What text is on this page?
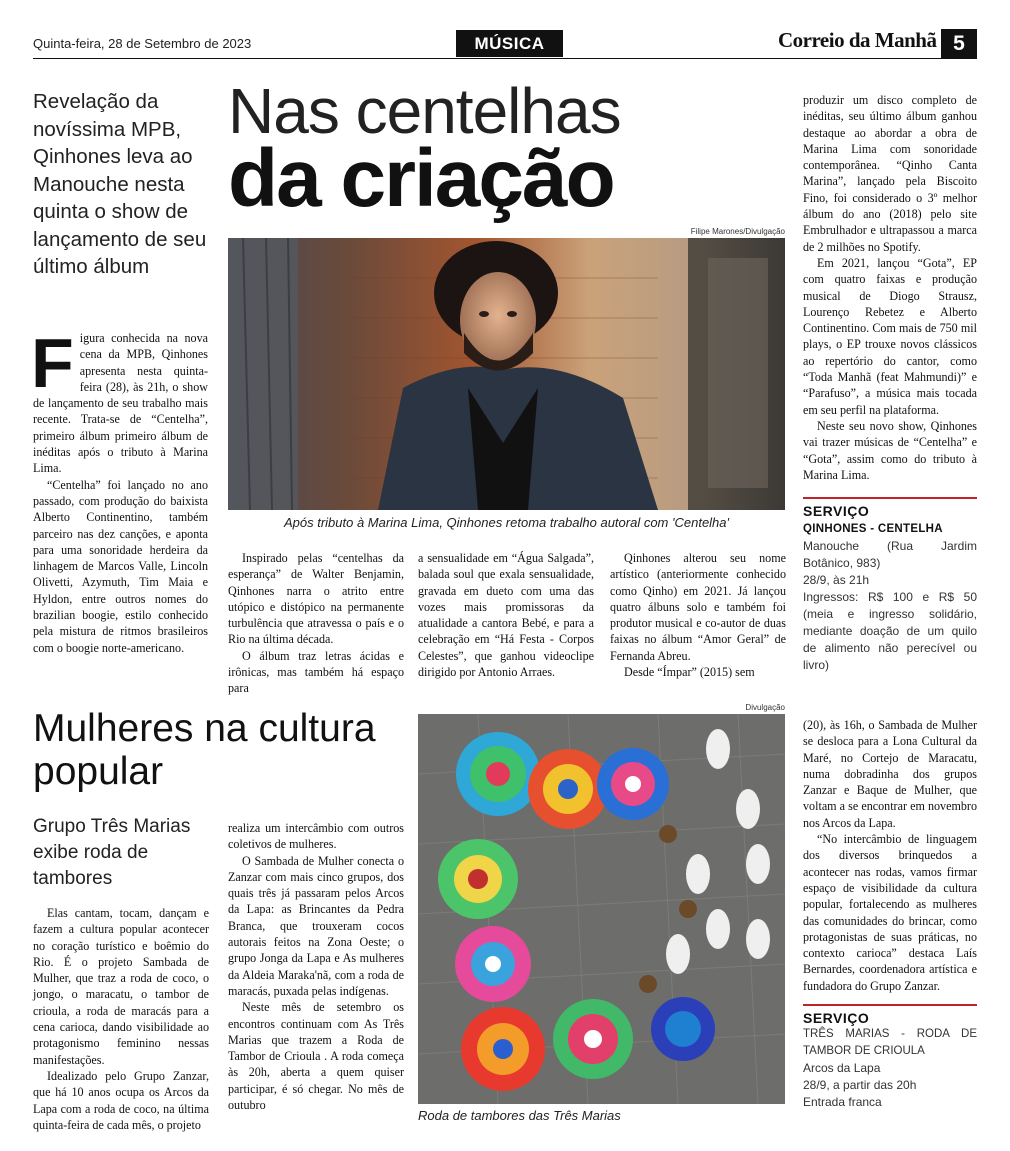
Quinta-feira, 28 de Setembro de 2023	MÚSICA	Correio da Manhã 5
Revelação da novíssima MPB, Qinhones leva ao Manouche nesta quinta o show de lançamento de seu último álbum
Nas centelhas
da criação
Filipe Marones/Divulgação
Após tributo à Marina Lima, Qinhones retoma trabalho autoral com 'Centelha'
F igura conhecida na nova cena da MPB, Qinhones apresenta nesta quinta-feira (28), às 21h, o show de lançamento de seu trabalho mais recente. Trata-se de “Centelha”, primeiro álbum primeiro álbum de inéditas após o tributo à Marina Lima.

“Centelha” foi lançado no ano passado, com produção do baixista Alberto Continentino, também parceiro nas dez canções, e aponta para uma sonoridade herdeira da linhagem de Marcos Valle, Lincoln Olivetti, Azymuth, Tim Maia e Hyldon, entre outros nomes do brazilian boogie, estilo conhecido pela mistura de ritmos brasileiros com o boogie norte-americano.

Inspirado pelas “centelhas da esperança” de Walter Benjamin, Qinhones narra o atrito entre utópico e distópico na permanente turbulência que atravessa o país e o Rio na última década.

O álbum traz letras ácidas e irônicas, mas também há espaço para

a sensualidade em “Água Salgada”, balada soul que exala sensualidade, gravada em dueto com uma das vozes mais promissoras da atualidade a cantora Bebé, e para a celebração em “Há Festa - Corpos Celestes”, que ganhou videoclipe dirigido por Antonio Arraes.

Qinhones alterou seu nome artístico (anteriormente conhecido como Qinho) em 2021. Já lançou quatro álbuns solo e também foi produtor musical e co-autor de duas faixas no álbum “Amor Geral” de Fernanda Abreu.

Desde “Ímpar” (2015) sem

produzir um disco completo de inéditas, seu último álbum ganhou destaque ao abordar a obra de Marina Lima com sonoridade contemporânea. “Qinho Canta Marina”, lançado pela Biscoito Fino, foi considerado o 3º melhor álbum do ano (2018) pelo site Embrulhador e ultrapassou a marca de 2 milhões no Spotify.

Em 2021, lançou “Gota”, EP com quatro faixas e produção musical de Diogo Strausz, Lourenço Rebetez e Alberto Continentino. Com mais de 750 mil plays, o EP trouxe novos clássicos ao repertório do cantor, como “Toda Manhã (feat Mahmundi)” e “Parafuso”, a música mais tocada em seu perfil na plataforma.

Neste seu novo show, Qinhones vai trazer músicas de “Centelha” e “Gota”, assim como do tributo à Marina Lima.

SERVIÇO
QINHONES - CENTELHA
Manouche (Rua Jardim Botânico, 983)
28/9, às 21h
Ingressos: R$ 100 e R$ 50 (meia e ingresso solidário, mediante doação de um quilo de alimento não perecível ou livro)
Mulheres na cultura popular
Grupo Três Marias exibe roda de tambores

Elas cantam, tocam, dançam e fazem a cultura popular acontecer no coração turístico e boêmio do Rio. É o projeto Sambada de Mulher, que traz a roda de coco, o jongo, o maracatu, o tambor de crioula, a roda de maracás para a cena carioca, dando visibilidade ao protagonismo feminino nessas manifestações.

Idealizado pelo Grupo Zanzar, que há 10 anos ocupa os Arcos da Lapa com a roda de coco, na última quinta-feira de cada mês, o projeto

realiza um intercâmbio com outros coletivos de mulheres.

O Sambada de Mulher conecta o Zanzar com mais cinco grupos, dos quais três já passaram pelos Arcos da Lapa: as Brincantes da Pedra Branca, que trouxeram cocos autorais feitos na Zona Oeste; o grupo Jonga da Lapa e As mulheres da Aldeia Maraka'nã, com a roda de maracás, puxada pelas indígenas.

Neste mês de setembro os encontros continuam com As Três Marias que trazem a Roda de Tambor de Crioula . A roda começa às 20h, aberta a quem quiser participar, é só chegar. No mês de outubro

Divulgação
Roda de tambores das Três Marias

(20), às 16h, o Sambada de Mulher se desloca para a Lona Cultural da Maré, no Cortejo de Maracatu, numa dobradinha dos grupos Zanzar e Baque de Mulher, que voltam a se encontrar em novembro nos Arcos da Lapa.

“No intercâmbio de linguagem dos diversos brinquedos a acontecer nas rodas, vamos firmar espaço de visibilidade da cultura popular, fortalecendo as mulheres das comunidades do brincar, como protagonistas de suas práticas, no contexto carioca” destaca Laís Bernardes, coordenadora artística e fundadora do Grupo Zanzar.

SERVIÇO
TRÊS MARIAS - RODA DE TAMBOR DE CRIOULA
Arcos da Lapa
28/9, a partir das 20h
Entrada franca
